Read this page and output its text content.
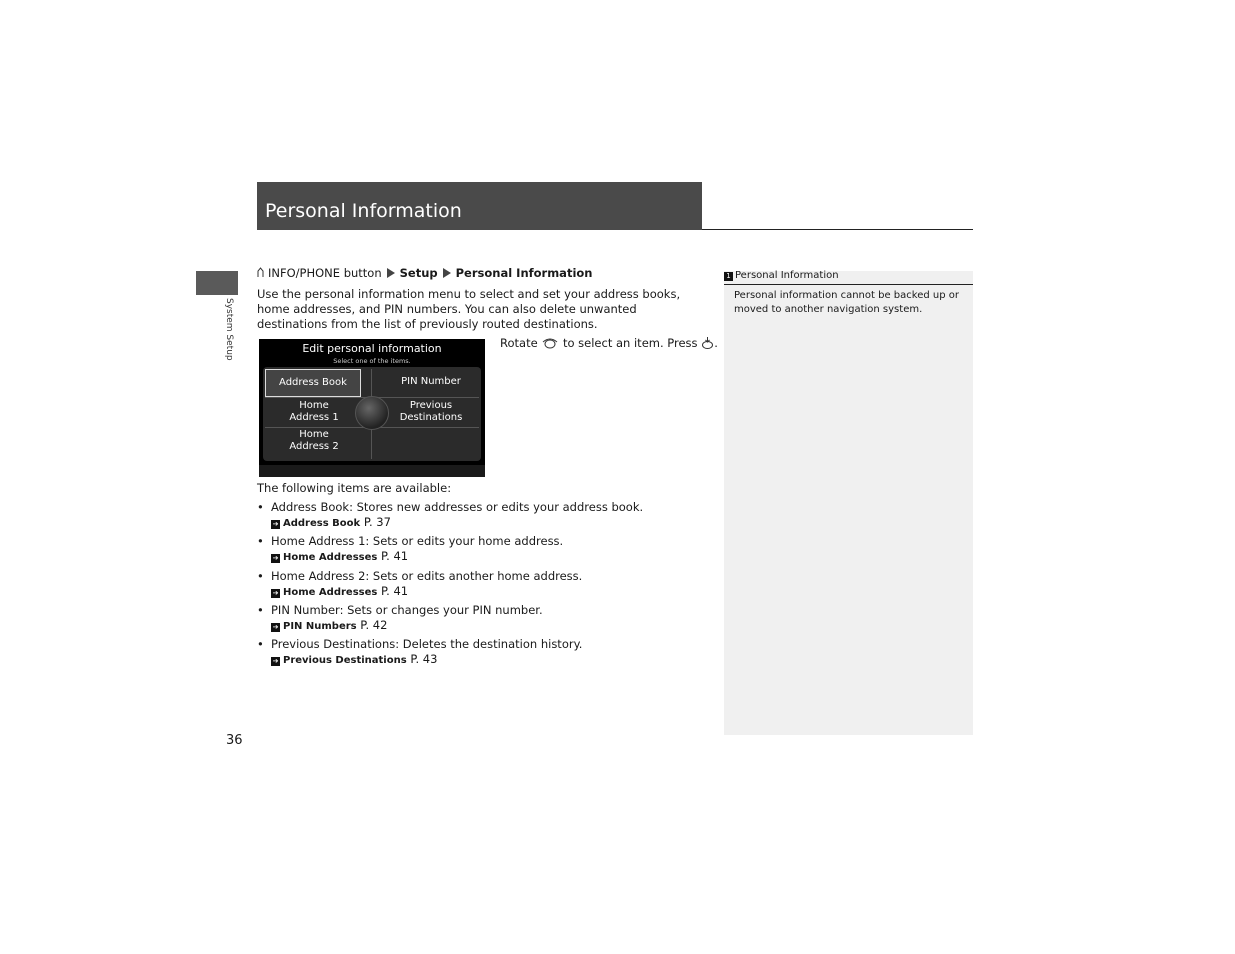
Personal Information
System Setup
INFO/PHONE button Setup Personal Information
Use the personal information menu to select and set your address books, home addresses, and PIN numbers. You can also delete unwanted destinations from the list of previously routed destinations.
Edit personal information
Select one of the items.
Address Book	PIN Number
Home
Address 1
Previous
Destinations
Home
Address 2
Rotate to select an item. Press .
The following items are available:
• Address Book: Stores new addresses or edits your address book.
➔ Address Book P. 37
• Home Address 1: Sets or edits your home address.
➔ Home Addresses P. 41
• Home Address 2: Sets or edits another home address.
➔ Home Addresses P. 41
• PIN Number: Sets or changes your PIN number.
➔ PIN Numbers P. 42
• Previous Destinations: Deletes the destination history.
➔ Previous Destinations P. 43
1 Personal Information
Personal information cannot be backed up or moved to another navigation system.
36
